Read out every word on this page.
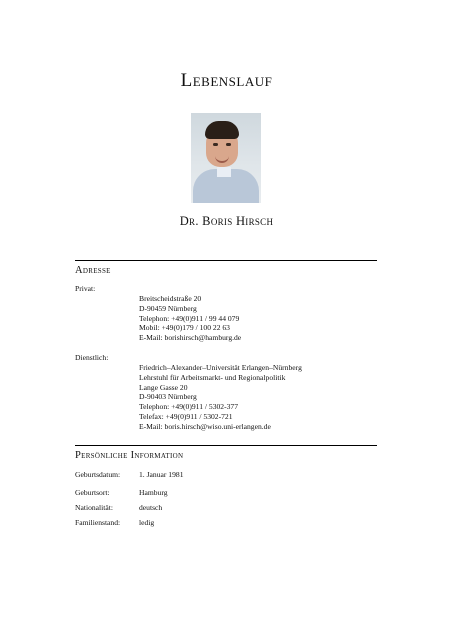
Lebenslauf
Dr. Boris Hirsch
Adresse
Privat:
Breitscheidstraße 20
D-90459 Nürnberg
Telephon: +49(0)911 / 99 44 079
Mobil: +49(0)179 / 100 22 63
E-Mail: borishirsch@hamburg.de
Dienstlich:
Friedrich–Alexander–Universität Erlangen–Nürnberg
Lehrstuhl für Arbeitsmarkt- und Regionalpolitik
Lange Gasse 20
D-90403 Nürnberg
Telephon: +49(0)911 / 5302-377
Telefax: +49(0)911 / 5302-721
E-Mail: boris.hirsch@wiso.uni-erlangen.de
Persönliche Information
Geburtsdatum: 1. Januar 1981
Geburtsort:	Hamburg
Nationalität:	deutsch
Familienstand: ledig
